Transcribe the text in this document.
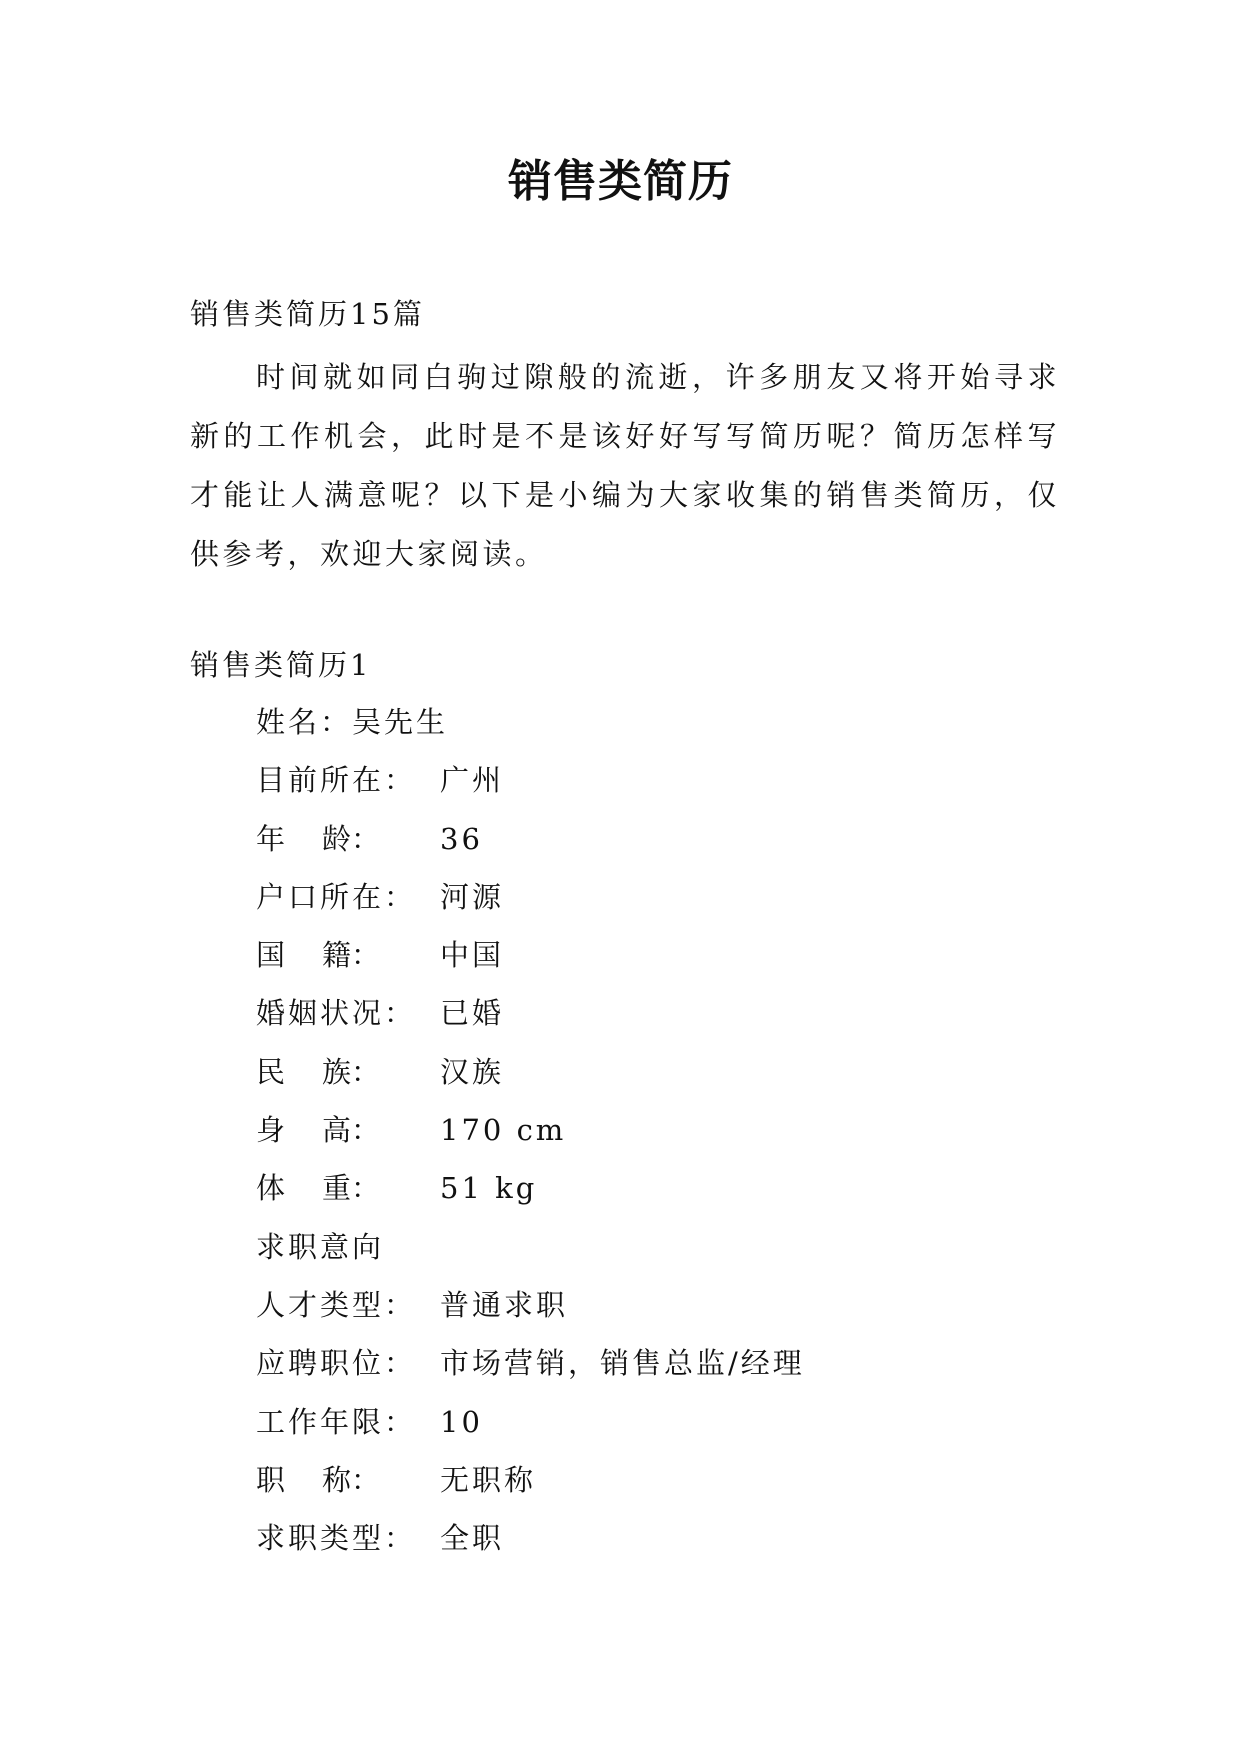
销售类简历
销售类简历15篇

时间就如同白驹过隙般的流逝，许多朋友又将开始寻求新的工作机会，此时是不是该好好写写简历呢？简历怎样写才能让人满意呢？以下是小编为大家收集的销售类简历，仅供参考，欢迎大家阅读。

销售类简历1
姓名：吴先生
目前所在： 广州
年 龄： 36
户口所在： 河源
国 籍： 中国
婚姻状况： 已婚
民 族： 汉族
身 高： 170 cm
体 重： 51 kg
求职意向
人才类型： 普通求职
应聘职位： 市场营销，销售总监/经理
工作年限： 10
职 称： 无职称
求职类型： 全职
